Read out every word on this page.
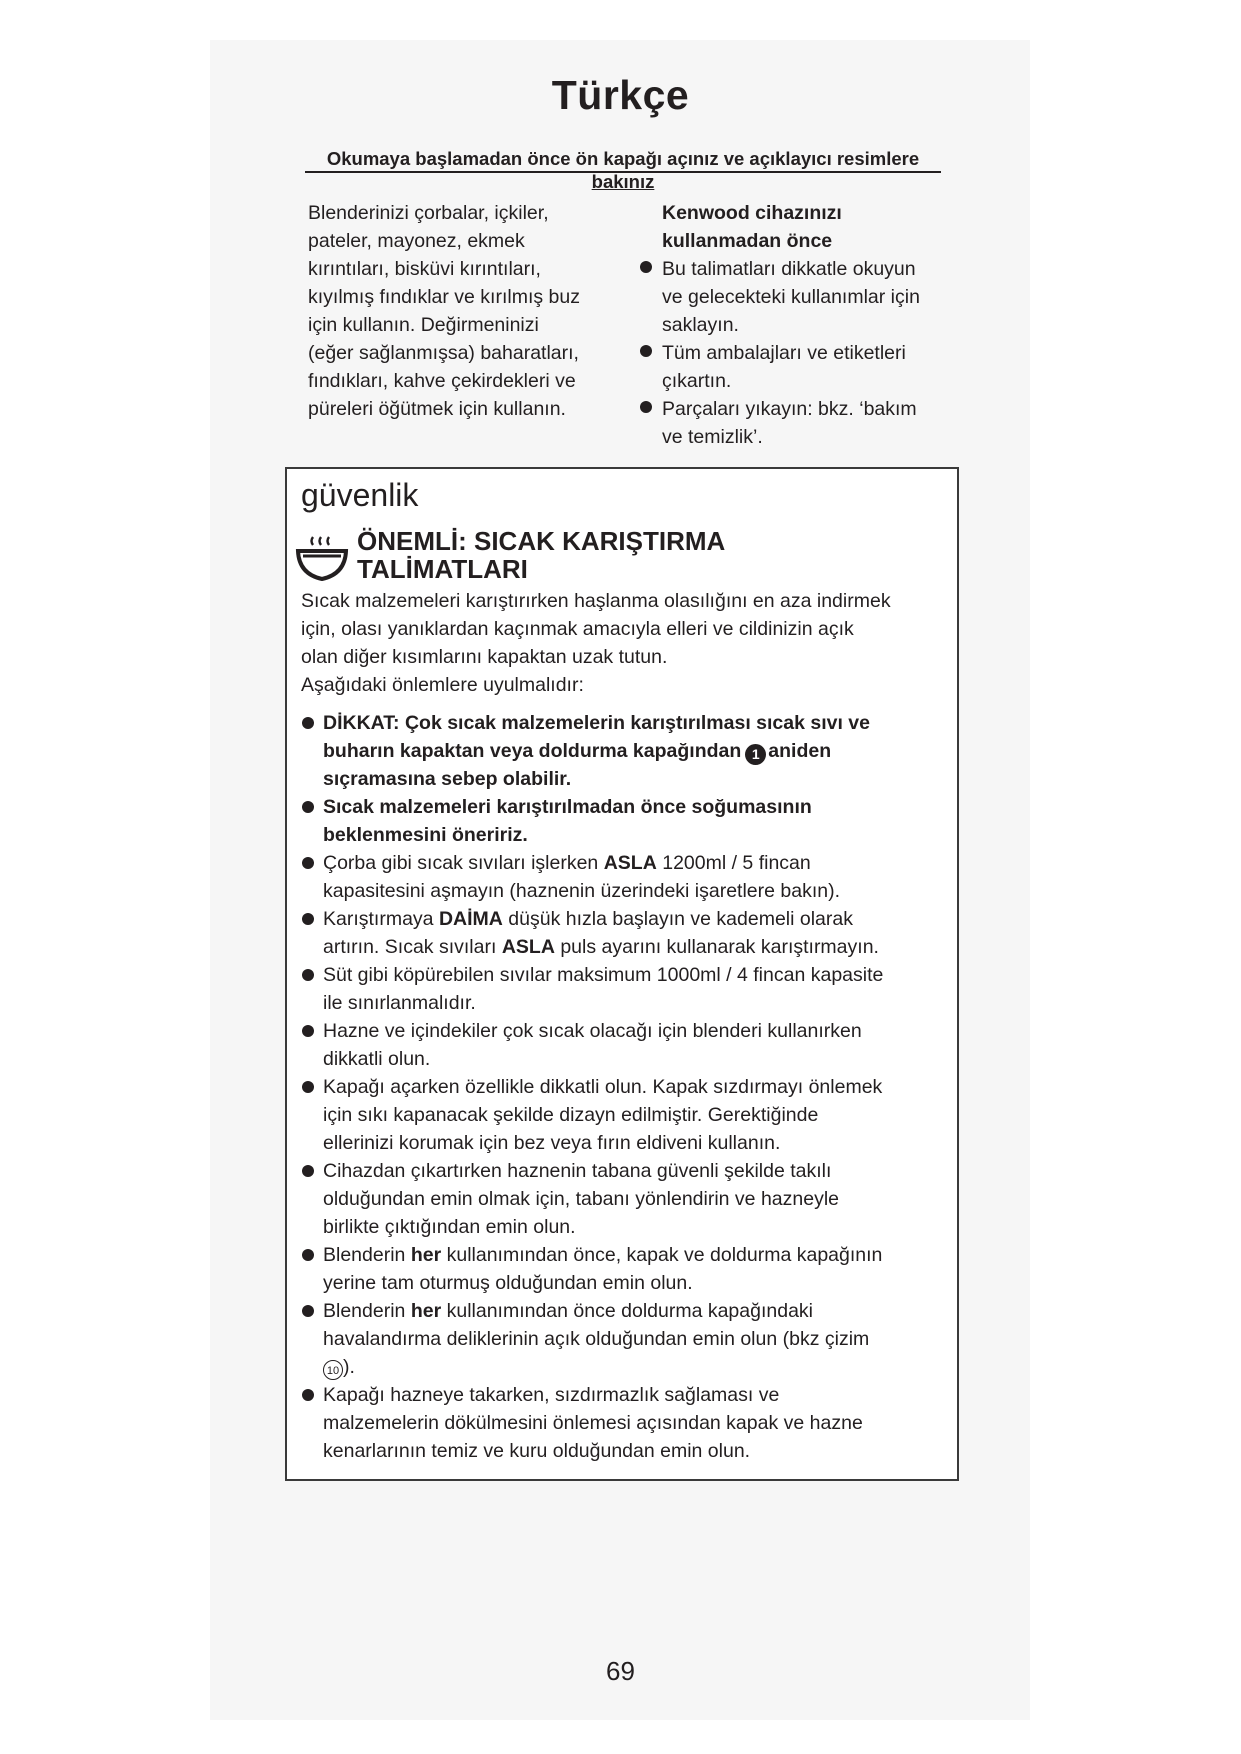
Türkçe
Okumaya başlamadan önce ön kapağı açınız ve açıklayıcı resimlere
bakınız

Blenderinizi çorbalar, içkiler,

pateler, mayonez, ekmek

kırıntıları, bisküvi kırıntıları,

kıyılmış fındıklar ve kırılmış buz

için kullanın. Değirmeninizi

(eğer sağlanmışsa) baharatları,

fındıkları, kahve çekirdekleri ve

püreleri öğütmek için kullanın.

Kenwood cihazınızı

kullanmadan önce

Bu talimatları dikkatle okuyun

ve gelecekteki kullanımlar için

saklayın.

Tüm ambalajları ve etiketleri

çıkartın.

Parçaları yıkayın: bkz. ‘bakım

ve temizlik’.

güvenlik
ÖNEMLİ: SICAK KARIŞTIRMA
TALİMATLARI

Sıcak malzemeleri karıştırırken haşlanma olasılığını en aza indirmek

için, olası yanıklardan kaçınmak amacıyla elleri ve cildinizin açık

olan diğer kısımlarını kapaktan uzak tutun.

Aşağıdaki önlemlere uyulmalıdır:

DİKKAT: Çok sıcak malzemelerin karıştırılması sıcak sıvı ve

buharın kapaktan veya doldurma kapağından 1 aniden

sıçramasına sebep olabilir.

Sıcak malzemeleri karıştırılmadan önce soğumasının

beklenmesini öneririz.

Çorba gibi sıcak sıvıları işlerken ASLA 1200ml / 5 fincan

kapasitesini aşmayın (haznenin üzerindeki işaretlere bakın).

Karıştırmaya DAİMA düşük hızla başlayın ve kademeli olarak

artırın. Sıcak sıvıları ASLA puls ayarını kullanarak karıştırmayın.

Süt gibi köpürebilen sıvılar maksimum 1000ml / 4 fincan kapasite

ile sınırlanmalıdır.

Hazne ve içindekiler çok sıcak olacağı için blenderi kullanırken

dikkatli olun.

Kapağı açarken özellikle dikkatli olun. Kapak sızdırmayı önlemek

için sıkı kapanacak şekilde dizayn edilmiştir. Gerektiğinde

ellerinizi korumak için bez veya fırın eldiveni kullanın.

Cihazdan çıkartırken haznenin tabana güvenli şekilde takılı

olduğundan emin olmak için, tabanı yönlendirin ve hazneyle

birlikte çıktığından emin olun.

Blenderin her kullanımından önce, kapak ve doldurma kapağının

yerine tam oturmuş olduğundan emin olun.

Blenderin her kullanımından önce doldurma kapağındaki

havalandırma deliklerinin açık olduğundan emin olun (bkz çizim

10 ).

Kapağı hazneye takarken, sızdırmazlık sağlaması ve

malzemelerin dökülmesini önlemesi açısından kapak ve hazne

kenarlarının temiz ve kuru olduğundan emin olun.

69
